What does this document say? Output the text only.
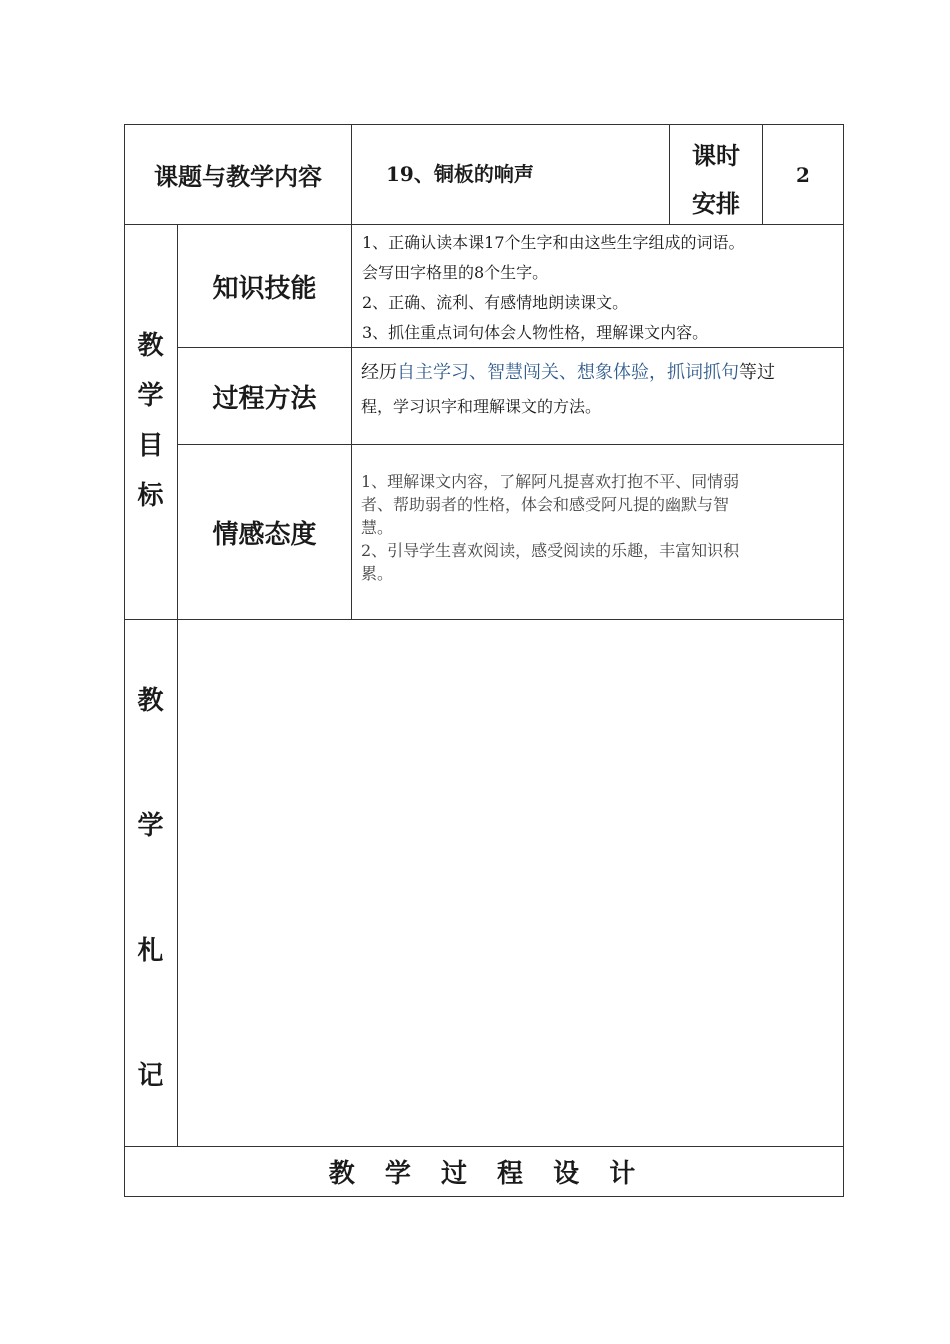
课题与教学内容	19、铜板的响声
课时
安排
2
教
学
目
标
知识技能
1、正确认读本课17个生字和由这些生字组成的词语。
会写田字格里的8个生字。
2、正确、流利、有感情地朗读课文。
3、抓住重点词句体会人物性格，理解课文内容。
过程方法
经历自主学习、智慧闯关、想象体验，抓词抓句等过
程，学习识字和理解课文的方法。
情感态度
1、理解课文内容，了解阿凡提喜欢打抱不平、同情弱
者、帮助弱者的性格，体会和感受阿凡提的幽默与智
慧。
2、引导学生喜欢阅读，感受阅读的乐趣，丰富知识积
累。
教
学
札
记
教  学  过  程  设  计
